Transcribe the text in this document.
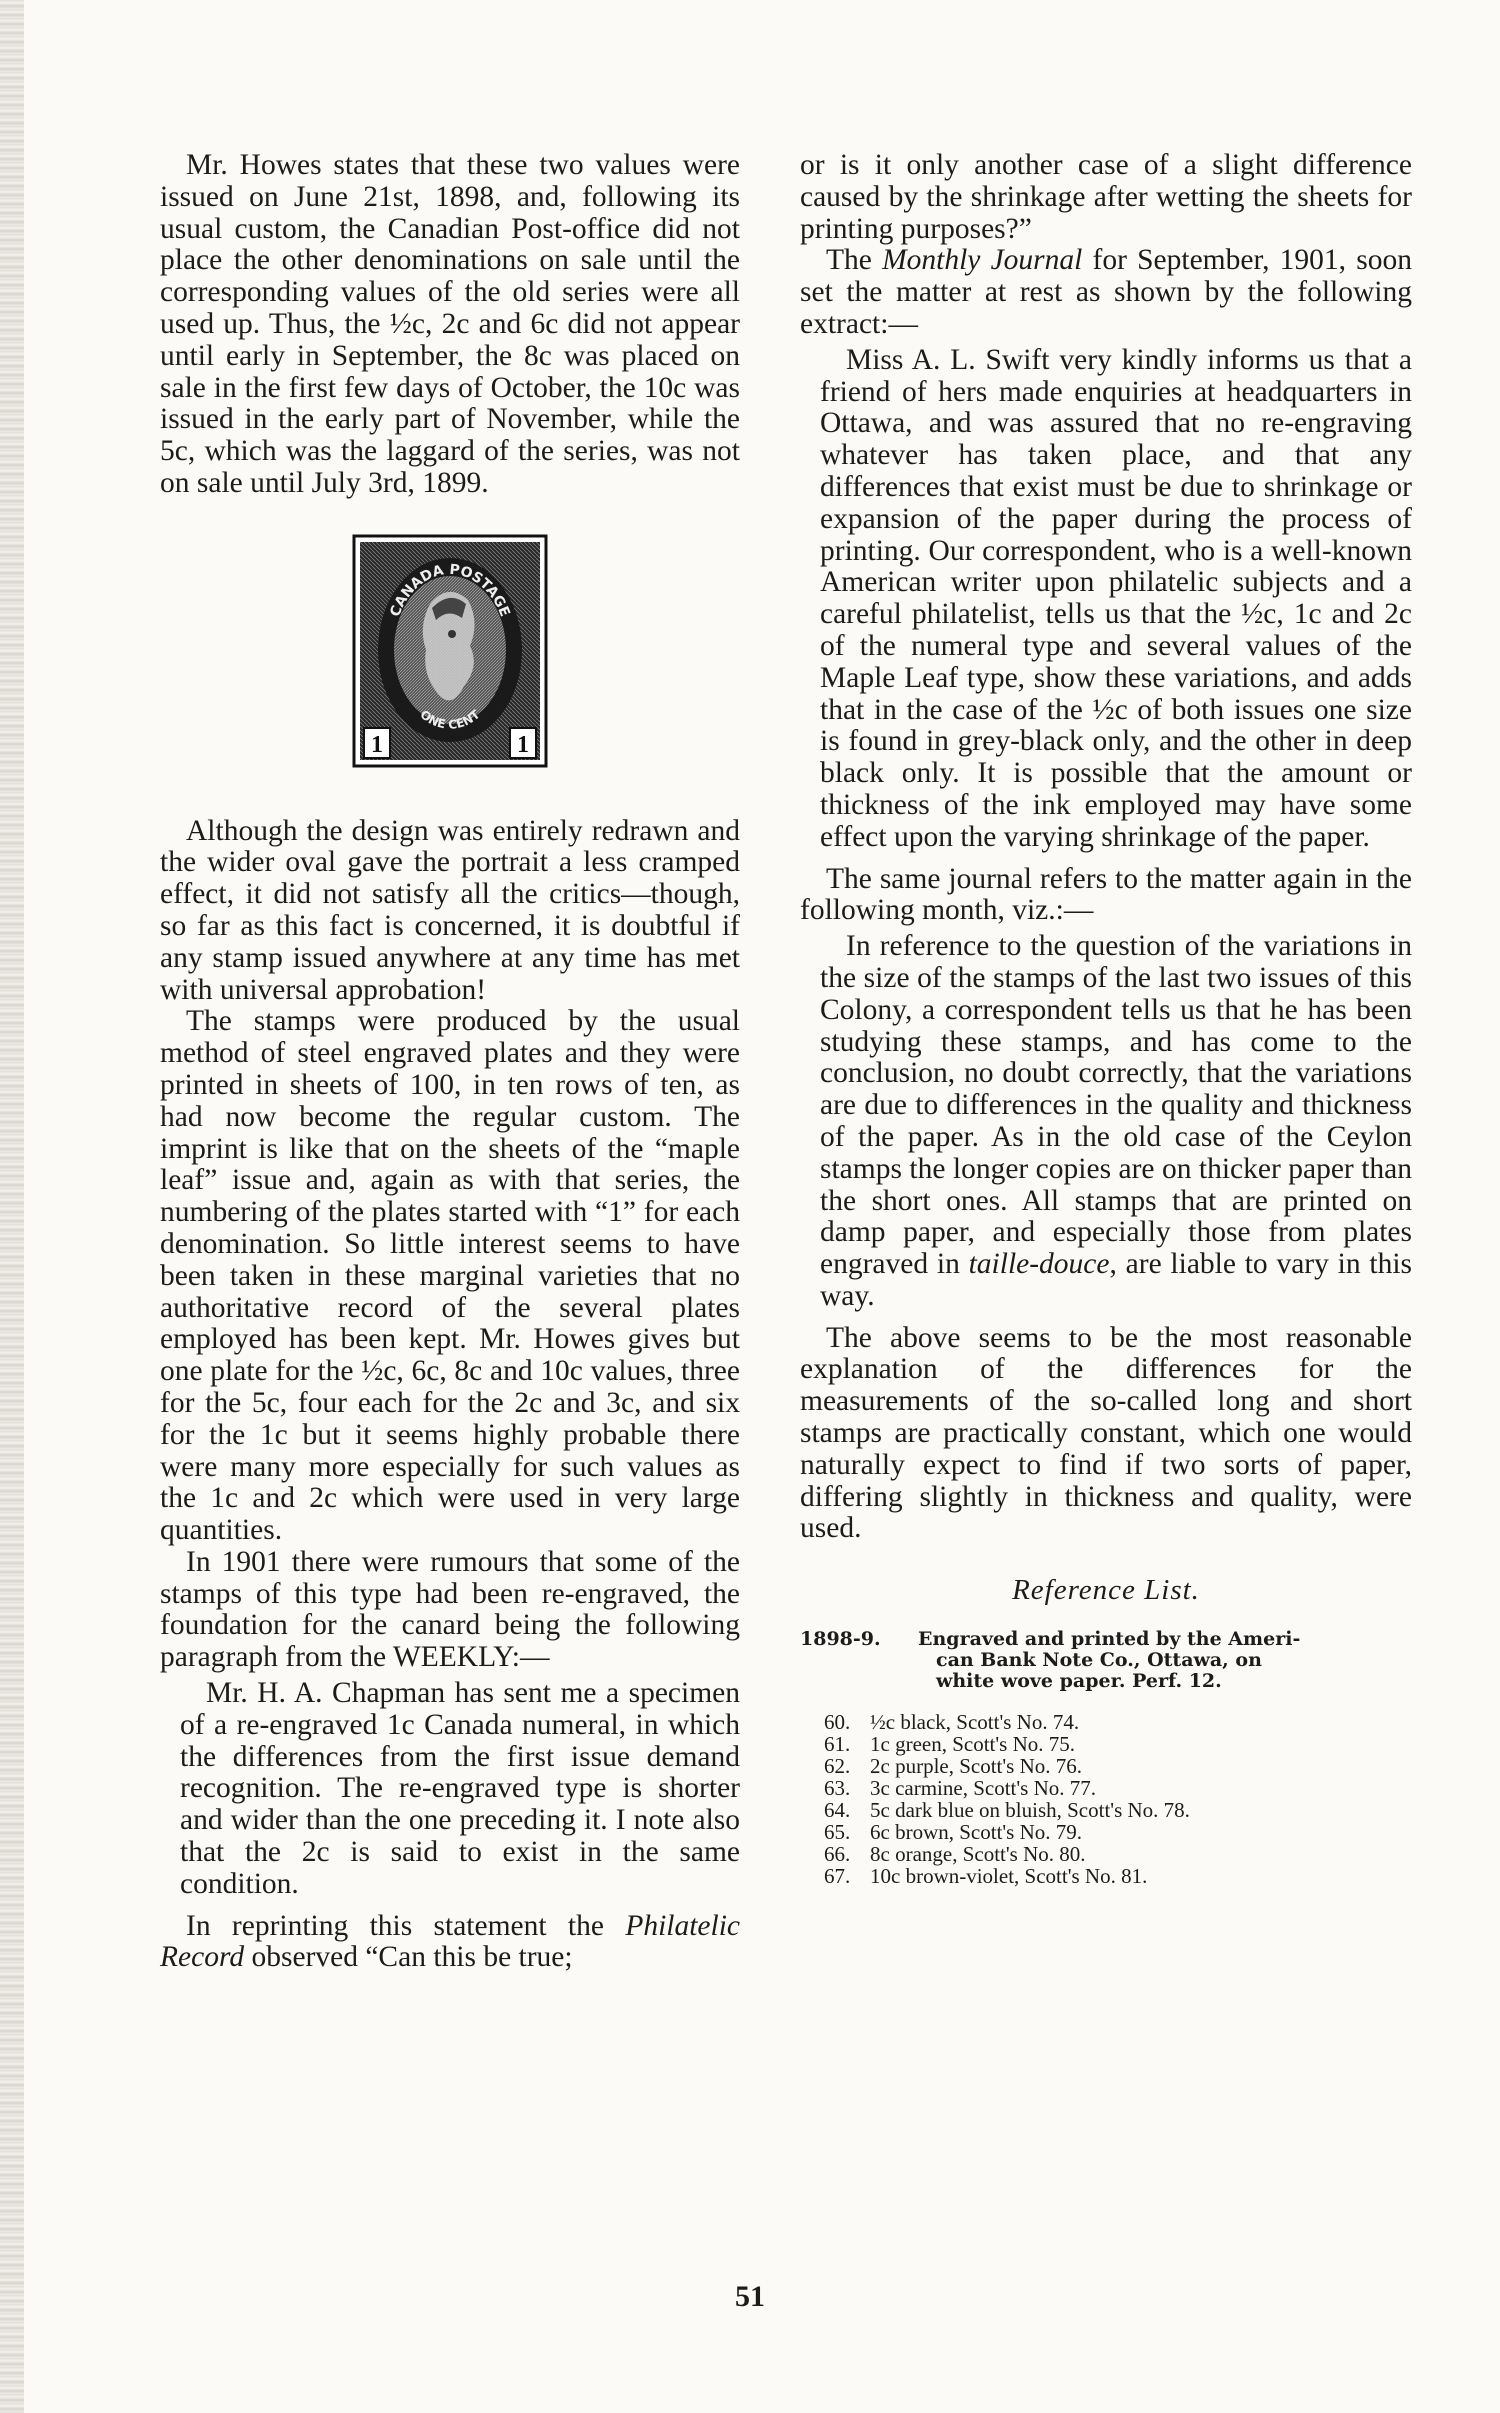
Mr. Howes states that these two values were issued on June 21st, 1898, and, following its usual custom, the Canadian Post-office did not place the other denominations on sale until the corresponding values of the old series were all used up. Thus, the ½c, 2c and 6c did not appear until early in September, the 8c was placed on sale in the first few days of October, the 10c was issued in the early part of November, while the 5c, which was the laggard of the series, was not on sale until July 3rd, 1899.

CANADA POSTAGE
ONE CENT
1	1

Although the design was entirely redrawn and the wider oval gave the portrait a less cramped effect, it did not satisfy all the critics—though, so far as this fact is concerned, it is doubtful if any stamp issued anywhere at any time has met with universal approbation!

The stamps were produced by the usual method of steel engraved plates and they were printed in sheets of 100, in ten rows of ten, as had now become the regular custom. The imprint is like that on the sheets of the “maple leaf” issue and, again as with that series, the numbering of the plates started with “1” for each denomination. So little interest seems to have been taken in these marginal varieties that no authoritative record of the several plates employed has been kept. Mr. Howes gives but one plate for the ½c, 6c, 8c and 10c values, three for the 5c, four each for the 2c and 3c, and six for the 1c but it seems highly probable there were many more especially for such values as the 1c and 2c which were used in very large quantities.

In 1901 there were rumours that some of the stamps of this type had been re-engraved, the foundation for the canard being the following paragraph from the WEEKLY:—

Mr. H. A. Chapman has sent me a specimen of a re-engraved 1c Canada numeral, in which the differences from the first issue demand recognition. The re-engraved type is shorter and wider than the one preceding it. I note also that the 2c is said to exist in the same condition.

In reprinting this statement the Philatelic Record observed “Can this be true;

or is it only another case of a slight difference caused by the shrinkage after wetting the sheets for printing purposes?”

The Monthly Journal for September, 1901, soon set the matter at rest as shown by the following extract:—

Miss A. L. Swift very kindly informs us that a friend of hers made enquiries at headquarters in Ottawa, and was assured that no re-engraving whatever has taken place, and that any differences that exist must be due to shrinkage or expansion of the paper during the process of printing. Our correspondent, who is a well-known American writer upon philatelic subjects and a careful philatelist, tells us that the ½c, 1c and 2c of the numeral type and several values of the Maple Leaf type, show these variations, and adds that in the case of the ½c of both issues one size is found in grey-black only, and the other in deep black only. It is possible that the amount or thickness of the ink employed may have some effect upon the varying shrinkage of the paper.

The same journal refers to the matter again in the following month, viz.:—

In reference to the question of the variations in the size of the stamps of the last two issues of this Colony, a correspondent tells us that he has been studying these stamps, and has come to the conclusion, no doubt correctly, that the variations are due to differences in the quality and thickness of the paper. As in the old case of the Ceylon stamps the longer copies are on thicker paper than the short ones. All stamps that are printed on damp paper, and especially those from plates engraved in taille-douce, are liable to vary in this way.

The above seems to be the most reasonable explanation of the differences for the measurements of the so-called long and short stamps are practically constant, which one would naturally expect to find if two sorts of paper, differing slightly in thickness and quality, were used.

Reference List.
1898-9.	Engraved and printed by the Ameri-
can Bank Note Co., Ottawa, on
white wove paper. Perf. 12.
60. ½c black, Scott's No. 74.
61. 1c green, Scott's No. 75.
62. 2c purple, Scott's No. 76.
63. 3c carmine, Scott's No. 77.
64. 5c dark blue on bluish, Scott's No. 78.
65. 6c brown, Scott's No. 79.
66. 8c orange, Scott's No. 80.
67. 10c brown-violet, Scott's No. 81.
51
